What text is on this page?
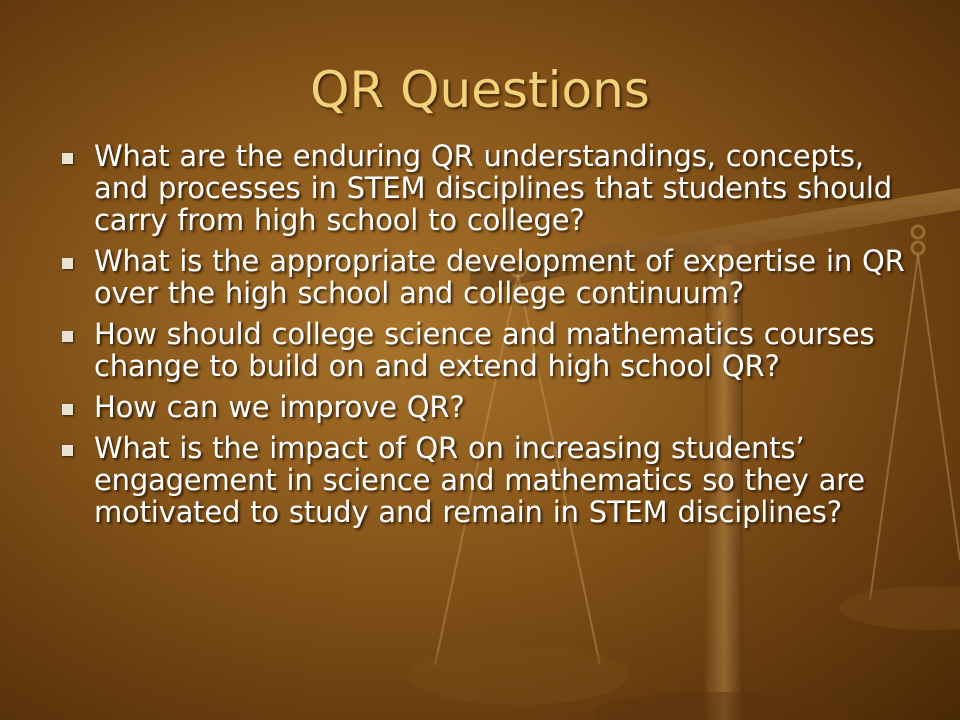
QR Questions
What are the enduring QR understandings, concepts, and processes in STEM disciplines that students should carry from high school to college?
What is the appropriate development of expertise in QR over the high school and college continuum?
How should college science and mathematics courses change to build on and extend high school QR?
How can we improve QR?
What is the impact of QR on increasing students’ engagement in science and mathematics so they are motivated to study and remain in STEM disciplines?
